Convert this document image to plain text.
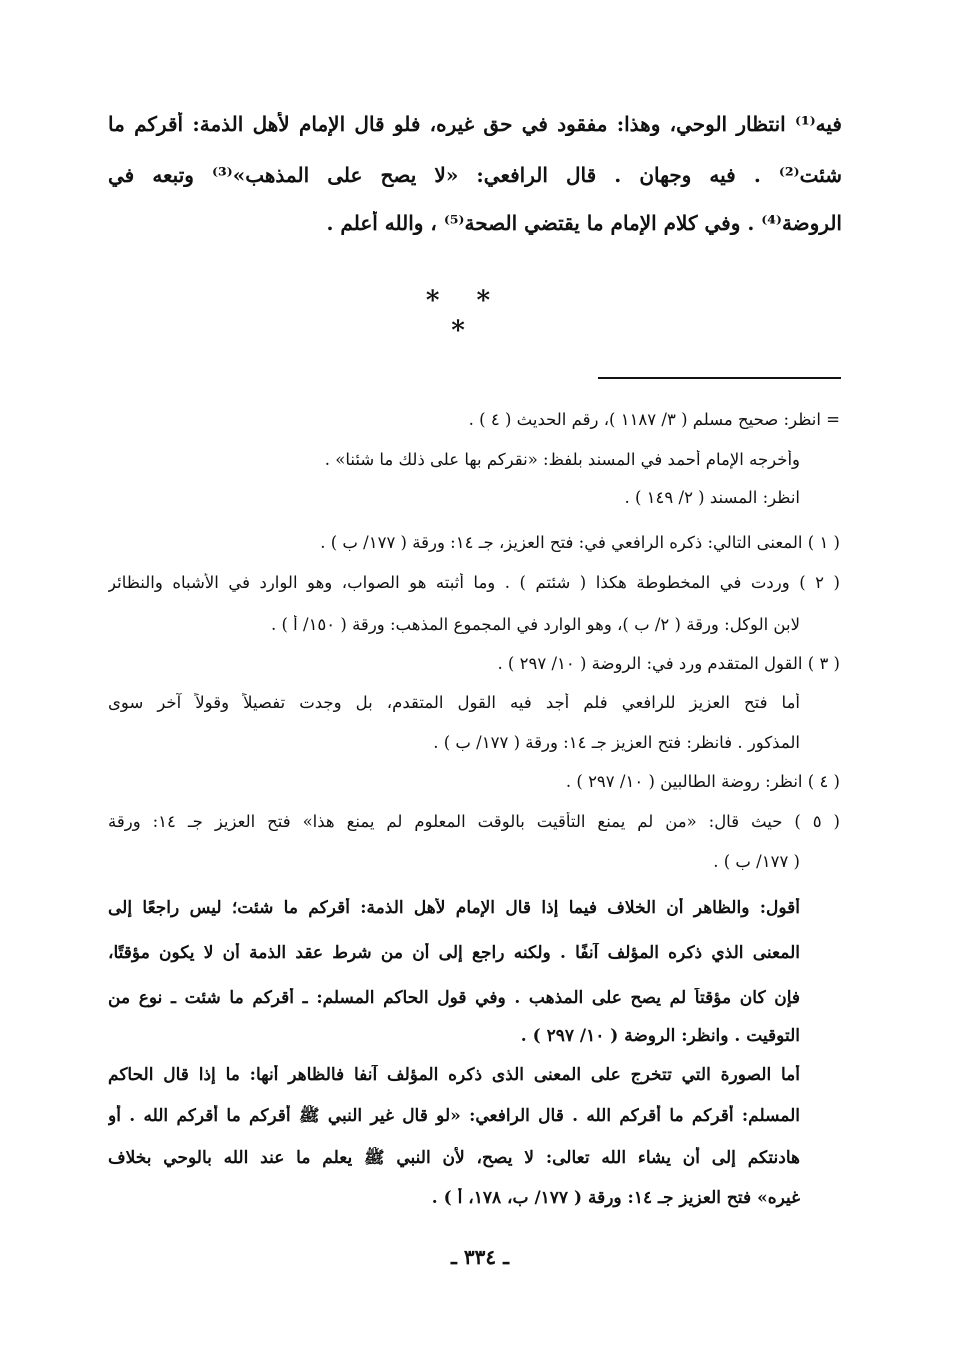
فيه⁽¹⁾ انتظار الوحي، وهذا: مفقود في حق غيره، فلو قال الإمام لأهل الذمة: أقركم ما
شئت⁽²⁾ . فيه وجهان . قال الرافعي: «لا يصح على المذهب»⁽³⁾ وتبعه في
الروضة⁽⁴⁾ . وفي كلام الإمام ما يقتضي الصحة⁽⁵⁾ ، والله أعلم .
* * *
= انظر: صحيح مسلم ( ٣/ ١١٨٧ )، رقم الحديث ( ٤ ) .
وأخرجه الإمام أحمد في المسند بلفظ: «نقركم بها على ذلك ما شئنا» .
انظر: المسند ( ٢/ ١٤٩ ) .
( ١ ) المعنى التالي: ذكره الرافعي في: فتح العزيز، جـ ١٤: ورقة ( ١٧٧/ ب ) .
( ٢ ) وردت في المخطوطة هكذا ( شئتم ) . وما أثبته هو الصواب، وهو الوارد في الأشباه والنظائر
لابن الوكل: ورقة ( ٢/ ب )، وهو الوارد في المجموع المذهب: ورقة ( ١٥٠/ أ ) .
( ٣ ) القول المتقدم ورد في: الروضة ( ١٠/ ٢٩٧ ) .
أما فتح العزيز للرافعي فلم أجد فيه القول المتقدم، بل وجدت تفصيلاً وقولاً آخر سوى
المذكور . فانظر: فتح العزيز جـ ١٤: ورقة ( ١٧٧/ ب ) .
( ٤ ) انظر: روضة الطالبين ( ١٠/ ٢٩٧ ) .
( ٥ ) حيث قال: «من لم يمنع التأقيت بالوقت المعلوم لم يمنع هذا» فتح العزيز جـ ١٤: ورقة
( ١٧٧/ ب ) .
أقول: والظاهر أن الخلاف فيما إذا قال الإمام لأهل الذمة: أقركم ما شئت؛ ليس راجعًا إلى
المعنى الذي ذكره المؤلف آنفًا . ولكنه راجع إلى أن من شرط عقد الذمة أن لا يكون مؤقتًا،
فإن كان مؤقتاً لم يصح على المذهب . وفي قول الحاكم المسلم: ـ أقركم ما شئت ـ نوع من
التوقيت . وانظر: الروضة ( ١٠/ ٢٩٧ ) .
أما الصورة التي تتخرج على المعنى الذى ذكره المؤلف آنفا فالظاهر أنها: ما إذا قال الحاكم
المسلم: أقركم ما أقركم الله . قال الرافعي: «لو قال غير النبي ﷺ أقركم ما أقركم الله . أو
هادنتكم إلى أن يشاء الله تعالى: لا يصح، لأن النبي ﷺ يعلم ما عند الله بالوحي بخلاف
غيره» فتح العزيز جـ ١٤: ورقة ( ١٧٧/ ب، ١٧٨، أ ) .
ـ ٣٣٤ ـ
